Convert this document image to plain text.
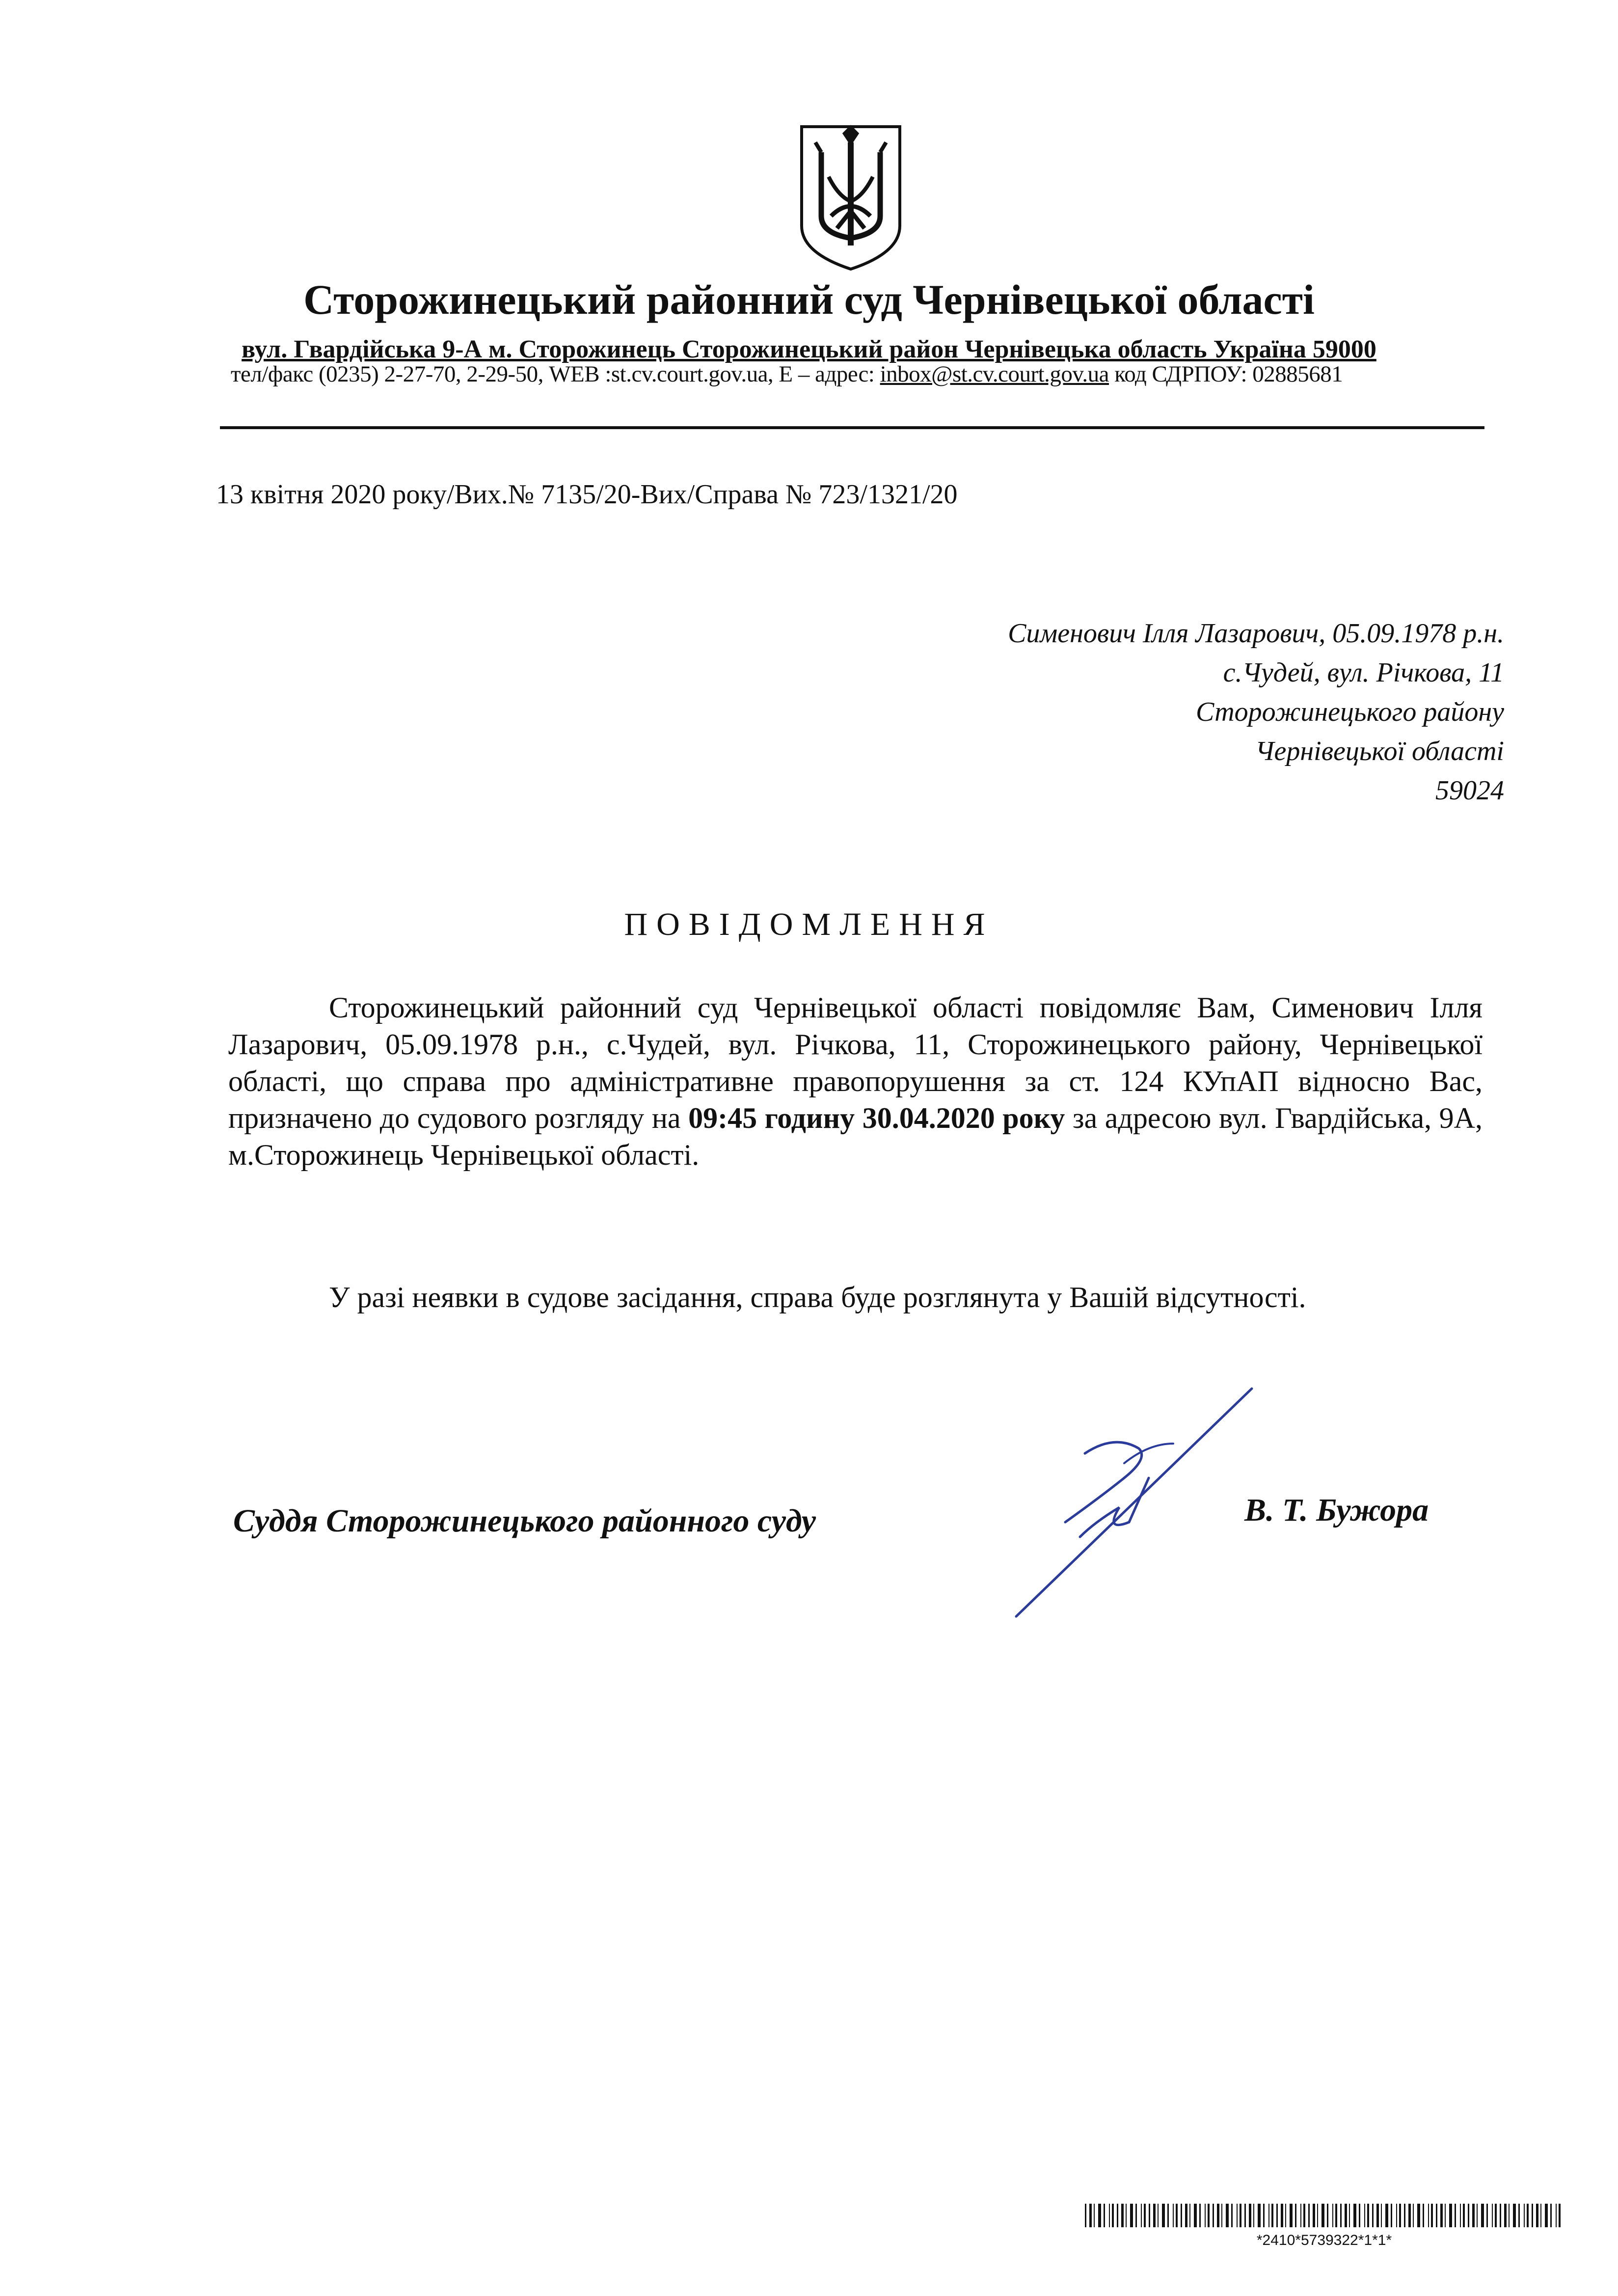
Сторожинецький районний суд Чернівецької області
вул. Гвардійська 9-А м. Сторожинець Сторожинецький район Чернівецька область Україна 59000
тел/факс (0235) 2-27-70, 2-29-50, WEB :st.cv.court.gov.ua, E – адрес: inbox@st.cv.court.gov.ua код СДРПОУ: 02885681
13 квітня 2020 року/Вих.№ 7135/20-Вих/Справа № 723/1321/20
Сименович Ілля Лазарович, 05.09.1978 р.н.
с.Чудей, вул. Річкова, 11
Сторожинецького району
Чернівецької області
59024
ПОВІДОМЛЕННЯ

Сторожинецький районний суд Чернівецької області повідомляє Вам, Сименович Ілля Лазарович, 05.09.1978 р.н., с.Чудей, вул. Річкова, 11, Сторожинецького району, Чернівецької області, що справа про адміністративне правопорушення за ст. 124 КУпАП відносно Вас, призначено до судового розгляду на 09:45 годину 30.04.2020 року за адресою вул. Гвардійська, 9А, м.Сторожинець Чернівецької області.

У разі неявки в судове засідання, справа буде розглянута у Вашій відсутності.

Суддя Сторожинецького районного суду	В. Т. Бужора
*2410*5739322*1*1*
